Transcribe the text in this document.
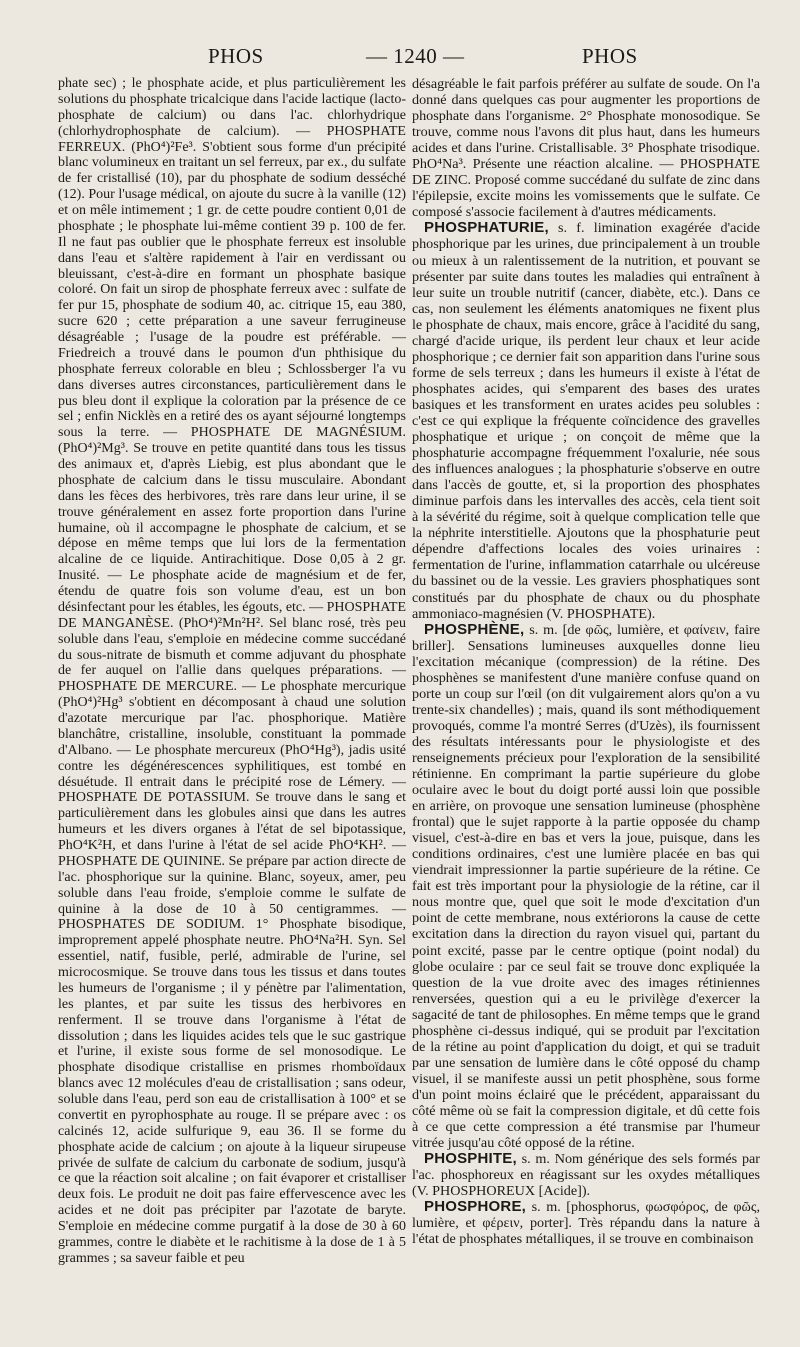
PHOS	— 1240 —	PHOS

phate sec) ; le phosphate acide, et plus particulièrement les solutions du phosphate tricalcique dans l'acide lactique (lacto-phosphate de calcium) ou dans l'ac. chlorhydrique (chlorhydrophosphate de calcium). — PHOSPHATE FERREUX. (PhO⁴)²Fe³. S'obtient sous forme d'un précipité blanc volumineux en traitant un sel ferreux, par ex., du sulfate de fer cristallisé (10), par du phosphate de sodium desséché (12). Pour l'usage médical, on ajoute du sucre à la vanille (12) et on mêle intimement ; 1 gr. de cette poudre contient 0,01 de phosphate ; le phosphate lui-même contient 39 p. 100 de fer. Il ne faut pas oublier que le phosphate ferreux est insoluble dans l'eau et s'altère rapidement à l'air en verdissant ou bleuissant, c'est-à-dire en formant un phosphate basique coloré. On fait un sirop de phosphate ferreux avec : sulfate de fer pur 15, phosphate de sodium 40, ac. citrique 15, eau 380, sucre 620 ; cette préparation a une saveur ferrugineuse désagréable ; l'usage de la poudre est préférable. — Friedreich a trouvé dans le poumon d'un phthisique du phosphate ferreux colorable en bleu ; Schlossberger l'a vu dans diverses autres circonstances, particulièrement dans le pus bleu dont il explique la coloration par la présence de ce sel ; enfin Nicklès en a retiré des os ayant séjourné longtemps sous la terre. — PHOSPHATE DE MAGNÉSIUM. (PhO⁴)²Mg³. Se trouve en petite quantité dans tous les tissus des animaux et, d'après Liebig, est plus abondant que le phosphate de calcium dans le tissu musculaire. Abondant dans les fèces des herbivores, très rare dans leur urine, il se trouve généralement en assez forte proportion dans l'urine humaine, où il accompagne le phosphate de calcium, et se dépose en même temps que lui lors de la fermentation alcaline de ce liquide. Antirachitique. Dose 0,05 à 2 gr. Inusité. — Le phosphate acide de magnésium et de fer, étendu de quatre fois son volume d'eau, est un bon désinfectant pour les étables, les égouts, etc. — PHOSPHATE DE MANGANÈSE. (PhO⁴)²Mn²H². Sel blanc rosé, très peu soluble dans l'eau, s'emploie en médecine comme succédané du sous-nitrate de bismuth et comme adjuvant du phosphate de fer auquel on l'allie dans quelques préparations. — PHOSPHATE DE MERCURE. — Le phosphate mercurique (PhO⁴)²Hg³ s'obtient en décomposant à chaud une solution d'azotate mercurique par l'ac. phosphorique. Matière blanchâtre, cristalline, insoluble, constituant la pommade d'Albano. — Le phosphate mercureux (PhO⁴Hg³), jadis usité contre les dégénérescences syphilitiques, est tombé en désuétude. Il entrait dans le précipité rose de Lémery. — PHOSPHATE DE POTASSIUM. Se trouve dans le sang et particulièrement dans les globules ainsi que dans les autres humeurs et les divers organes à l'état de sel bipotassique, PhO⁴K²H, et dans l'urine à l'état de sel acide PhO⁴KH². — PHOSPHATE DE QUININE. Se prépare par action directe de l'ac. phosphorique sur la quinine. Blanc, soyeux, amer, peu soluble dans l'eau froide, s'emploie comme le sulfate de quinine à la dose de 10 à 50 centigrammes. — PHOSPHATES DE SODIUM. 1° Phosphate bisodique, improprement appelé phosphate neutre. PhO⁴Na²H. Syn. Sel essentiel, natif, fusible, perlé, admirable de l'urine, sel microcosmique. Se trouve dans tous les tissus et dans toutes les humeurs de l'organisme ; il y pénètre par l'alimentation, les plantes, et par suite les tissus des herbivores en renferment. Il se trouve dans l'organisme à l'état de dissolution ; dans les liquides acides tels que le suc gastrique et l'urine, il existe sous forme de sel monosodique. Le phosphate disodique cristallise en prismes rhomboïdaux blancs avec 12 molécules d'eau de cristallisation ; sans odeur, soluble dans l'eau, perd son eau de cristallisation à 100° et se convertit en pyrophosphate au rouge. Il se prépare avec : os calcinés 12, acide sulfurique 9, eau 36. Il se forme du phosphate acide de calcium ; on ajoute à la liqueur sirupeuse privée de sulfate de calcium du carbonate de sodium, jusqu'à ce que la réaction soit alcaline ; on fait évaporer et cristalliser deux fois. Le produit ne doit pas faire effervescence avec les acides et ne doit pas précipiter par l'azotate de baryte. S'emploie en médecine comme purgatif à la dose de 30 à 60 grammes, contre le diabète et le rachitisme à la dose de 1 à 5 grammes ; sa saveur faible et peu

désagréable le fait parfois préférer au sulfate de soude. On l'a donné dans quelques cas pour augmenter les proportions de phosphate dans l'organisme. 2° Phosphate monosodique. Se trouve, comme nous l'avons dit plus haut, dans les humeurs acides et dans l'urine. Cristallisable. 3° Phosphate trisodique. PhO⁴Na³. Présente une réaction alcaline. — PHOSPHATE DE ZINC. Proposé comme succédané du sulfate de zinc dans l'épilepsie, excite moins les vomissements que le sulfate. Ce composé s'associe facilement à d'autres médicaments.

PHOSPHATURIE, s. f. limination exagérée d'acide phosphorique par les urines, due principalement à un trouble ou mieux à un ralentissement de la nutrition, et pouvant se présenter par suite dans toutes les maladies qui entraînent à leur suite un trouble nutritif (cancer, diabète, etc.). Dans ce cas, non seulement les éléments anatomiques ne fixent plus le phosphate de chaux, mais encore, grâce à l'acidité du sang, chargé d'acide urique, ils perdent leur chaux et leur acide phosphorique ; ce dernier fait son apparition dans l'urine sous forme de sels terreux ; dans les humeurs il existe à l'état de phosphates acides, qui s'emparent des bases des urates basiques et les transforment en urates acides peu solubles : c'est ce qui explique la fréquente coïncidence des gravelles phosphatique et urique ; on conçoit de même que la phosphaturie accompagne fréquemment l'oxalurie, née sous des influences analogues ; la phosphaturie s'observe en outre dans l'accès de goutte, et, si la proportion des phosphates diminue parfois dans les intervalles des accès, cela tient soit à la sévérité du régime, soit à quelque complication telle que la néphrite interstitielle. Ajoutons que la phosphaturie peut dépendre d'affections locales des voies urinaires : fermentation de l'urine, inflammation catarrhale ou ulcéreuse du bassinet ou de la vessie. Les graviers phosphatiques sont constitués par du phosphate de chaux ou du phosphate ammoniaco-magnésien (V. PHOSPHATE).

PHOSPHÈNE, s. m. [de φῶς, lumière, et φαίνειν, faire briller]. Sensations lumineuses auxquelles donne lieu l'excitation mécanique (compression) de la rétine. Des phosphènes se manifestent d'une manière confuse quand on porte un coup sur l'œil (on dit vulgairement alors qu'on a vu trente-six chandelles) ; mais, quand ils sont méthodiquement provoqués, comme l'a montré Serres (d'Uzès), ils fournissent des résultats intéressants pour le physiologiste et des renseignements précieux pour l'exploration de la sensibilité rétinienne. En comprimant la partie supérieure du globe oculaire avec le bout du doigt porté aussi loin que possible en arrière, on provoque une sensation lumineuse (phosphène frontal) que le sujet rapporte à la partie opposée du champ visuel, c'est-à-dire en bas et vers la joue, puisque, dans les conditions ordinaires, c'est une lumière placée en bas qui viendrait impressionner la partie supérieure de la rétine. Ce fait est très important pour la physiologie de la rétine, car il nous montre que, quel que soit le mode d'excitation d'un point de cette membrane, nous extériorons la cause de cette excitation dans la direction du rayon visuel qui, partant du point excité, passe par le centre optique (point nodal) du globe oculaire : par ce seul fait se trouve donc expliquée la question de la vue droite avec des images rétiniennes renversées, question qui a eu le privilège d'exercer la sagacité de tant de philosophes. En même temps que le grand phosphène ci-dessus indiqué, qui se produit par l'excitation de la rétine au point d'application du doigt, et qui se traduit par une sensation de lumière dans le côté opposé du champ visuel, il se manifeste aussi un petit phosphène, sous forme d'un point moins éclairé que le précédent, apparaissant du côté même où se fait la compression digitale, et dû cette fois à ce que cette compression a été transmise par l'humeur vitrée jusqu'au côté opposé de la rétine.

PHOSPHITE, s. m. Nom générique des sels formés par l'ac. phosphoreux en réagissant sur les oxydes métalliques (V. PHOSPHOREUX [Acide]).

PHOSPHORE, s. m. [phosphorus, φωσφόρος, de φῶς, lumière, et φέρειν, porter]. Très répandu dans la nature à l'état de phosphates métalliques, il se trouve en combinaison
